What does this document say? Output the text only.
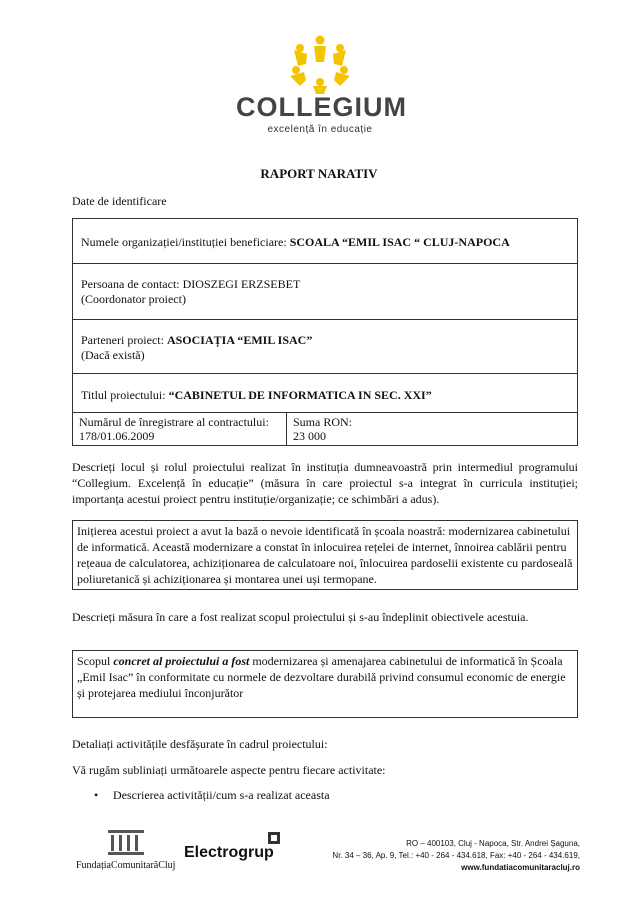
COLLEGIUM
excelență în educație
RAPORT NARATIV
Date de identificare
Numele organizației/instituției beneficiare: SCOALA “EMIL ISAC “ CLUJ-NAPOCA
Persoana de contact: DIOSZEGI ERZSEBET
(Coordonator proiect)
Parteneri proiect: ASOCIAȚIA “EMIL ISAC”
(Dacă există)
Titlul proiectului: “CABINETUL DE INFORMATICA IN SEC. XXI”
Numărul de înregistrare al contractului:
178/01.06.2009
Suma RON:
23 000
Descrieți locul și rolul proiectului realizat în instituția dumneavoastră prin intermediul programului “Collegium. Excelență în educație” (măsura în care proiectul s-a integrat în curricula instituției; importanța acestui proiect pentru instituție/organizație; ce schimbări a adus).
Inițierea acestui proiect a avut la bază o nevoie identificată în școala noastră: modernizarea cabinetului de informatică. Această modernizare a constat în inlocuirea rețelei de internet, înnoirea cablării pentru rețeaua de calculatorea, achiziționarea de calculatoare noi, înlocuirea pardoselii existente cu pardoseală poliuretanică și achiziționarea și montarea unei uși termopane.
Descrieți măsura în care a fost realizat scopul proiectului și s-au îndeplinit obiectivele acestuia.
Scopul concret al proiectului a fost modernizarea și amenajarea cabinetului de informatică în Școala „Emil Isac” în conformitate cu normele de dezvoltare durabilă privind consumul economic de energie și protejarea mediului înconjurător
Detaliați activitățile desfășurate în cadrul proiectului:
Vă rugăm subliniați următoarele aspecte pentru fiecare activitate:
• Descrierea activității/cum s-a realizat aceasta
FundațiaComunitarăCluj
Electrogrup
RO – 400103, Cluj - Napoca, Str. Andrei Șaguna,
Nr. 34 – 36, Ap. 9, Tel.: +40 - 264 - 434.618, Fax: +40 - 264 - 434.619,
www.fundatiacomunitaracluj.ro
